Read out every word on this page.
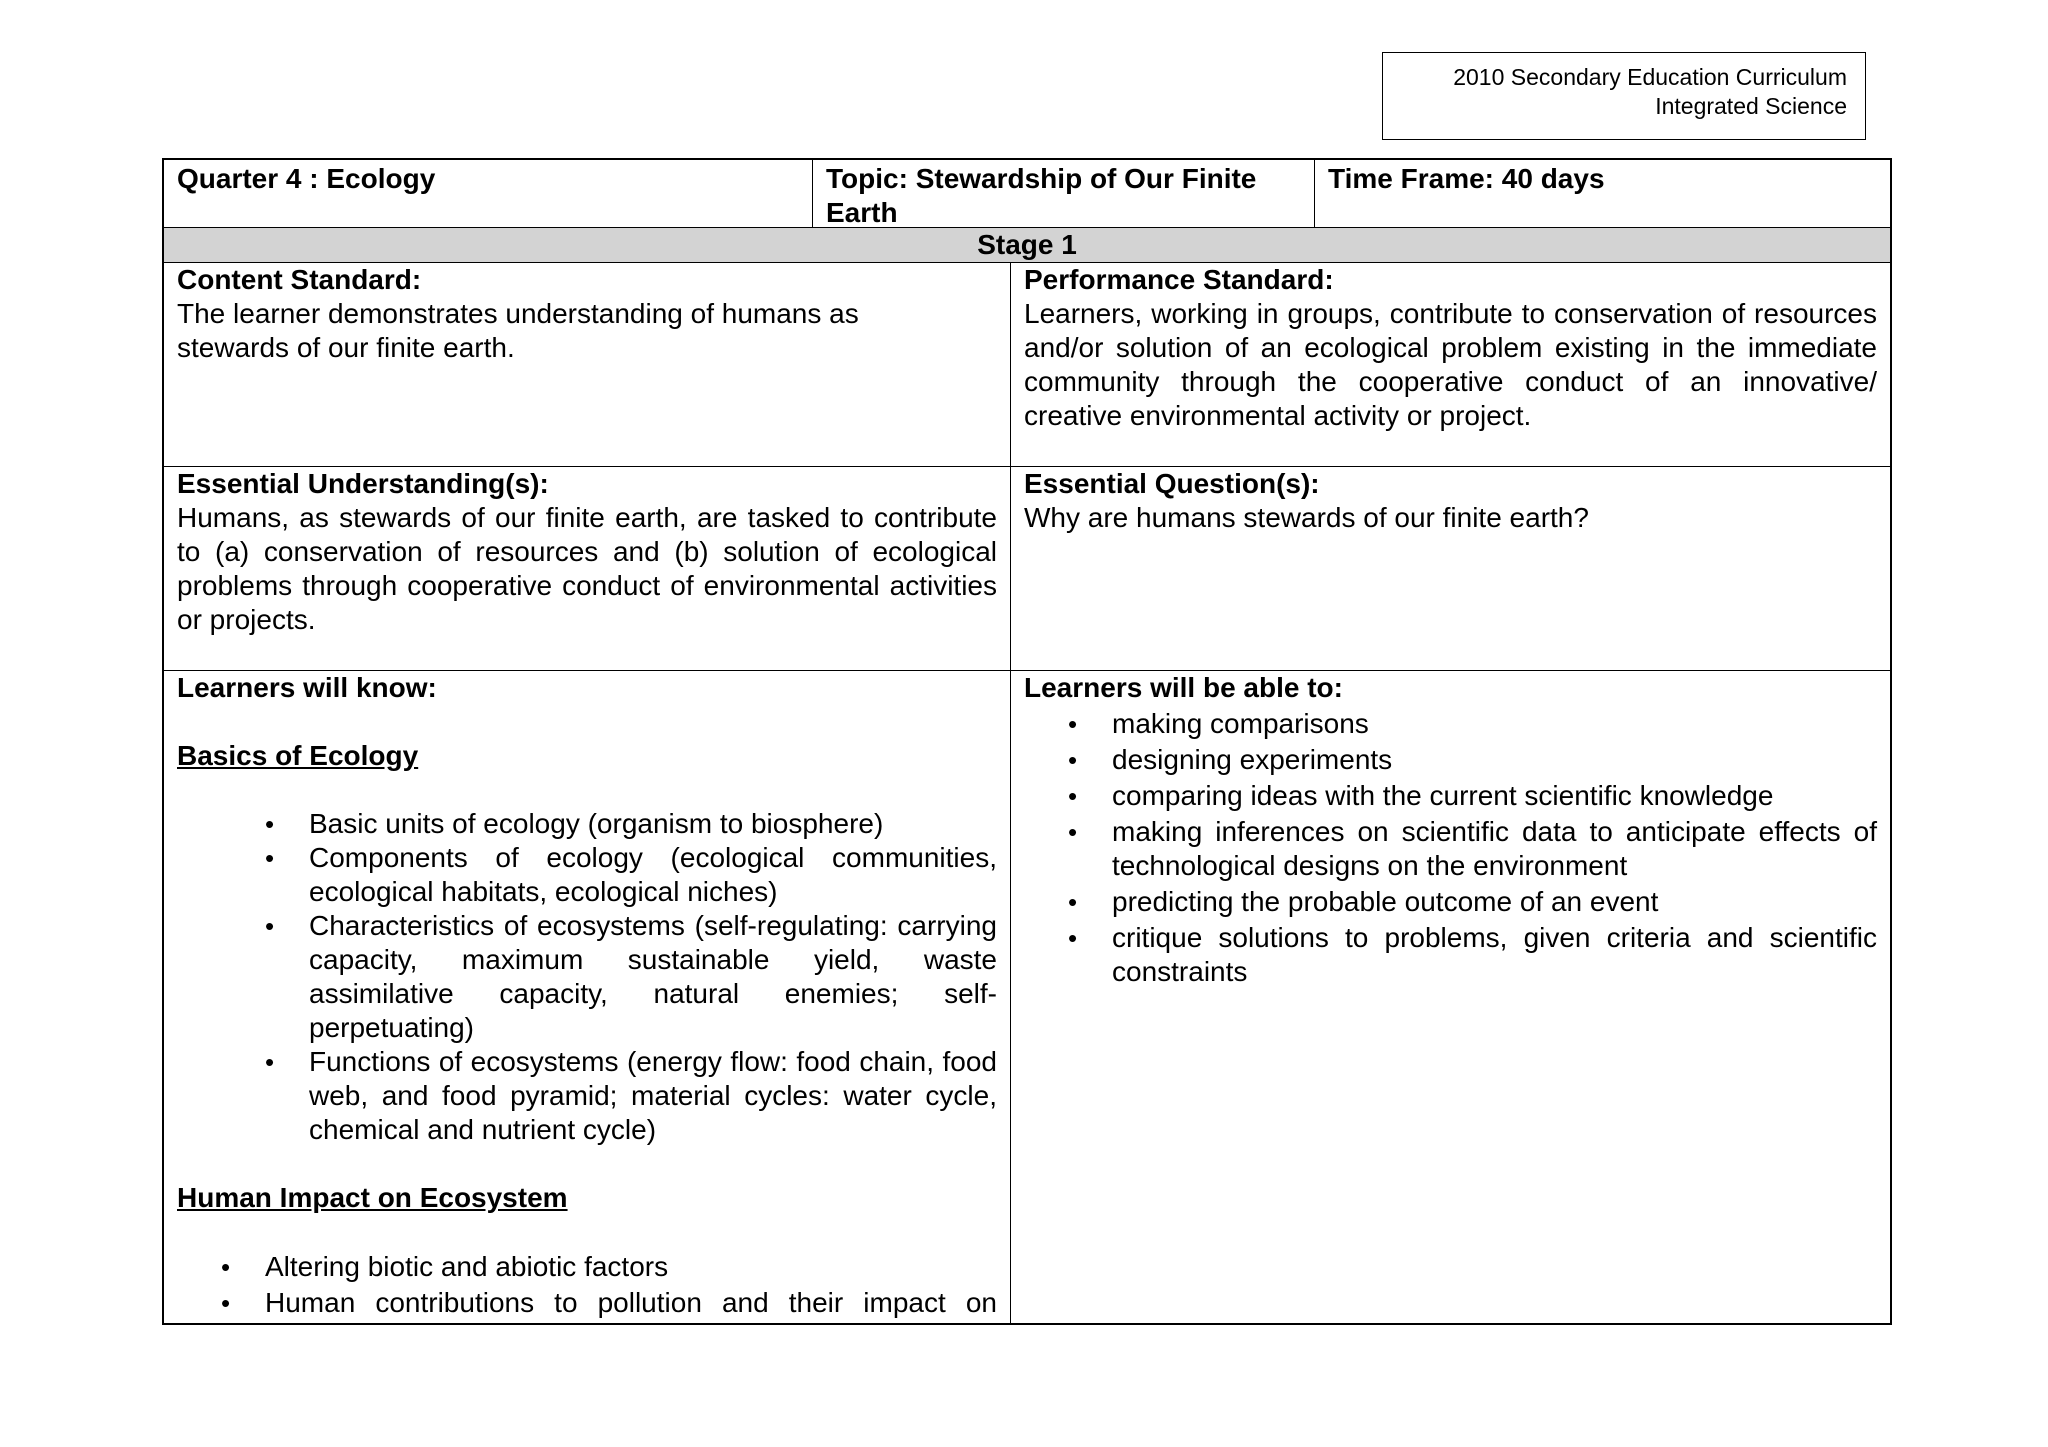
2010 Secondary Education Curriculum
Integrated Science
Quarter 4 : Ecology	Topic: Stewardship of Our Finite Earth
Time Frame: 40 days
Stage 1
Content Standard:
The learner demonstrates understanding of humans as stewards of our finite earth.
Performance Standard:
Learners, working in groups, contribute to conservation of resources and/or solution of an ecological problem existing in the immediate community through the cooperative conduct of an innovative/ creative environmental activity or project.
Essential Understanding(s):
Humans, as stewards of our finite earth, are tasked to contribute to (a) conservation of resources and (b) solution of ecological problems through cooperative conduct of environmental activities or projects.
Essential Question(s):
Why are humans stewards of our finite earth?
Learners will know:
Basics of Ecology
• Basic units of ecology (organism to biosphere)
• Components of ecology (ecological communities, ecological habitats, ecological niches)
• Characteristics of ecosystems (self-regulating: carrying capacity, maximum sustainable yield, waste assimilative capacity, natural enemies; self-perpetuating)
• Functions of ecosystems (energy flow: food chain, food web, and food pyramid; material cycles: water cycle, chemical and nutrient cycle)
Human Impact on Ecosystem
• Altering biotic and abiotic factors
• Human contributions to pollution and their impact on
Learners will be able to:
• making comparisons
• designing experiments
• comparing ideas with the current scientific knowledge
• making inferences on scientific data to anticipate effects of technological designs on the environment
• predicting the probable outcome of an event
• critique solutions to problems, given criteria and scientific constraints
